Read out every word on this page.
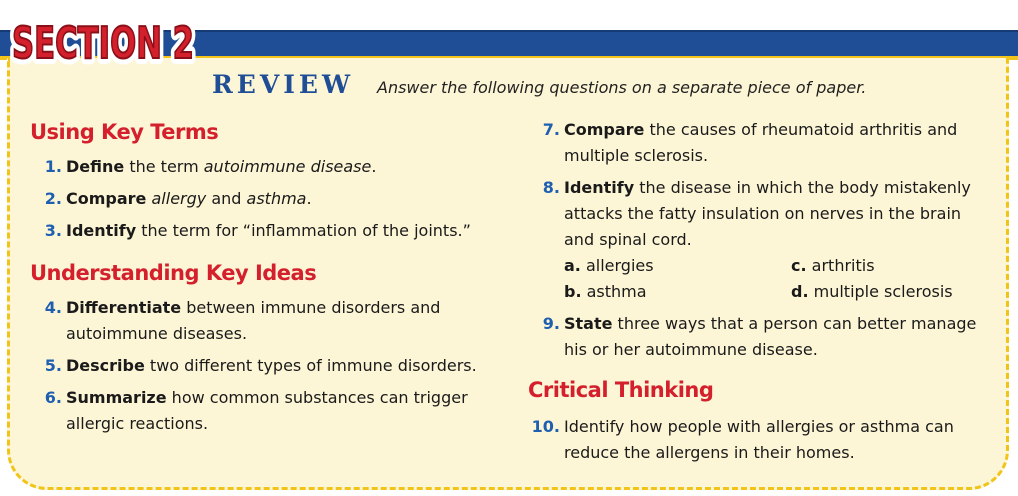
SECTION 2
SECTION 2
REVIEW Answer the following questions on a separate piece of paper.
Using Key Terms
1. Define the term autoimmune disease.
2. Compare allergy and asthma.
3. Identify the term for “inflammation of the joints.”
Understanding Key Ideas
4. Differentiate between immune disorders and
autoimmune diseases.
5. Describe two different types of immune disorders.
6. Summarize how common substances can trigger
allergic reactions.
7. Compare the causes of rheumatoid arthritis and
multiple sclerosis.
8. Identify the disease in which the body mistakenly
attacks the fatty insulation on nerves in the brain
and spinal cord.
a. allergies
b. asthma
c. arthritis
d. multiple sclerosis
9. State three ways that a person can better manage
his or her autoimmune disease.
Critical Thinking
10. Identify how people with allergies or asthma can
reduce the allergens in their homes.
